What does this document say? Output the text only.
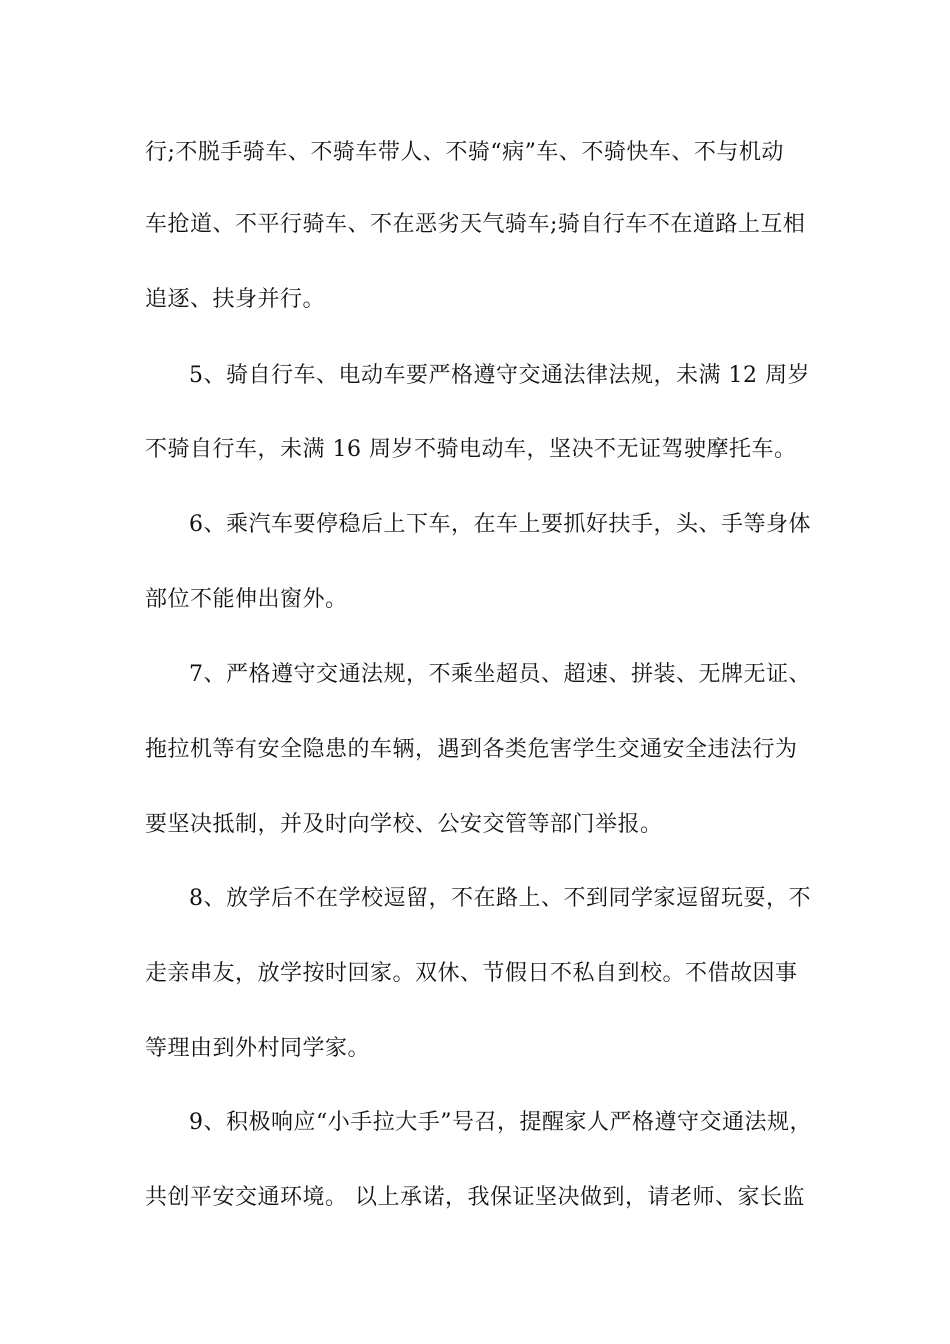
行;不脱手骑车、不骑车带人、不骑“病”车、不骑快车、不与机动
车抢道、不平行骑车、不在恶劣天气骑车;骑自行车不在道路上互相
追逐、扶身并行。
5、骑自行车、电动车要严格遵守交通法律法规，未满 12 周岁
不骑自行车，未满 16 周岁不骑电动车，坚决不无证驾驶摩托车。
6、乘汽车要停稳后上下车，在车上要抓好扶手，头、手等身体
部位不能伸出窗外。
7、严格遵守交通法规，不乘坐超员、超速、拼装、无牌无证、
拖拉机等有安全隐患的车辆，遇到各类危害学生交通安全违法行为
要坚决抵制，并及时向学校、公安交管等部门举报。
8、放学后不在学校逗留，不在路上、不到同学家逗留玩耍，不
走亲串友，放学按时回家。双休、节假日不私自到校。不借故因事
等理由到外村同学家。
9、积极响应“小手拉大手”号召，提醒家人严格遵守交通法规，
共创平安交通环境。 以上承诺，我保证坚决做到，请老师、家长监
